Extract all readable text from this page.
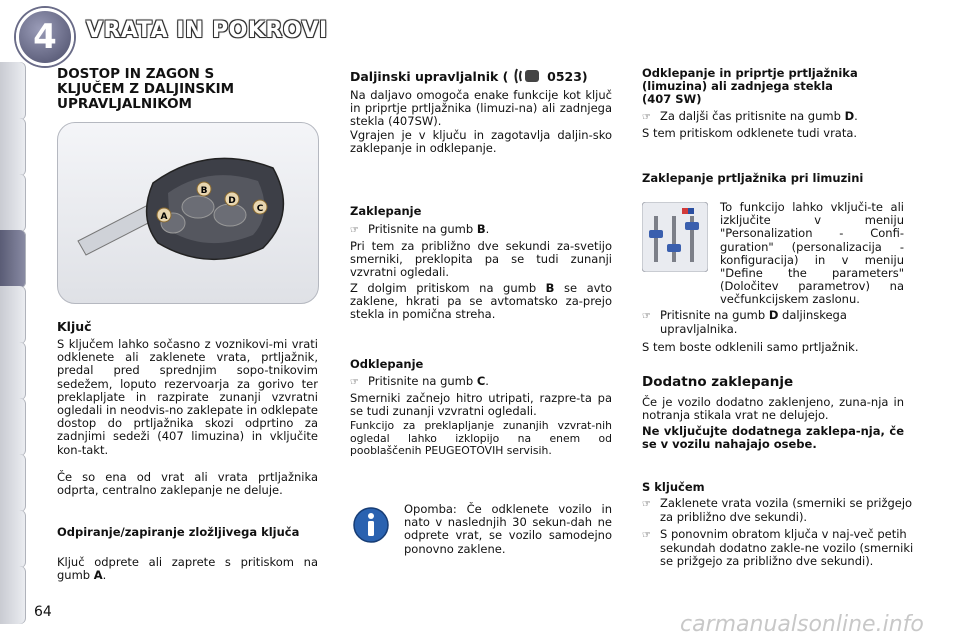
4	VRATA IN POKROVI
DOSTOP IN ZAGON S
KLJUČEM Z DALJINSKIM
UPRAVLJALNIKOM
B
D
C
A
Ključ
S ključem lahko sočasno z voznikovi-mi vrati odklenete ali zaklenete vrata, prtljažnik, predal pred sprednjim sopo-tnikovim sedežem, loputo rezervoarja za gorivo ter preklapljate in razpirate zunanji vzvratni ogledali in neodvis-no zaklepate in odklepate dostop do prtljažnika skozi odprtino za zadnjimi sedeži (407 limuzina) in vključite kon-takt.
Če so ena od vrat ali vrata prtljažnika odprta, centralno zaklepanje ne deluje.
Odpiranje/zapiranje zložljivega ključa
Ključ odprete ali zaprete s pritiskom na gumb A.
Daljinski upravljalnik (	0523)
Na daljavo omogoča enake funkcije kot ključ in priprtje prtljažnika (limuzi-na) ali zadnjega stekla (407SW).
Vgrajen je v ključu in zagotavlja daljin-sko zaklepanje in odklepanje.
Zaklepanje
☞ Pritisnite na gumb B.
Pri tem za približno dve sekundi za-svetijo smerniki, preklopita pa se tudi zunanji vzvratni ogledali.
Z dolgim pritiskom na gumb B se avto zaklene, hkrati pa se avtomatsko za-prejo stekla in pomična streha.
Odklepanje
☞ Pritisnite na gumb C.
Smerniki začnejo hitro utripati, razpre-ta pa se tudi zunanji vzvratni ogledali.
Funkcijo za preklapljanje zunanjih vzvrat-nih ogledal lahko izklopijo na enem od pooblaščenih PEUGEOTOVIH servisih.
Opomba: Če odklenete vozilo in nato v naslednjih 30 sekun-dah ne odprete vrat, se vozilo samodejno ponovno zaklene.
Odklepanje in priprtje prtljažnika
(limuzina) ali zadnjega stekla
(407 SW)
☞ Za daljši čas pritisnite na gumb D.
S tem pritiskom odklenete tudi vrata.
Zaklepanje prtljažnika pri limuzini
To funkcijo lahko vključi-te ali izključite v meniju "Personalization - Confi-guration" (personalizacija - konfiguracija) in v meniju "Define the parameters" (Določitev parametrov) na večfunkcijskem zaslonu.
☞ Pritisnite na gumb D daljinskega upravljalnika.
S tem boste odklenili samo prtljažnik.
Dodatno zaklepanje
Če je vozilo dodatno zaklenjeno, zuna-nja in notranja stikala vrat ne delujejo.
Ne vključujte dodatnega zaklepa-nja, če se v vozilu nahajajo osebe.
S ključem
☞ Zaklenete vrata vozila (smerniki se prižgejo za približno dve sekundi).
☞ S ponovnim obratom ključa v naj-več petih sekundah dodatno zakle-ne vozilo (smerniki se prižgejo za približno dve sekundi).
64	carmanualsonline.info
